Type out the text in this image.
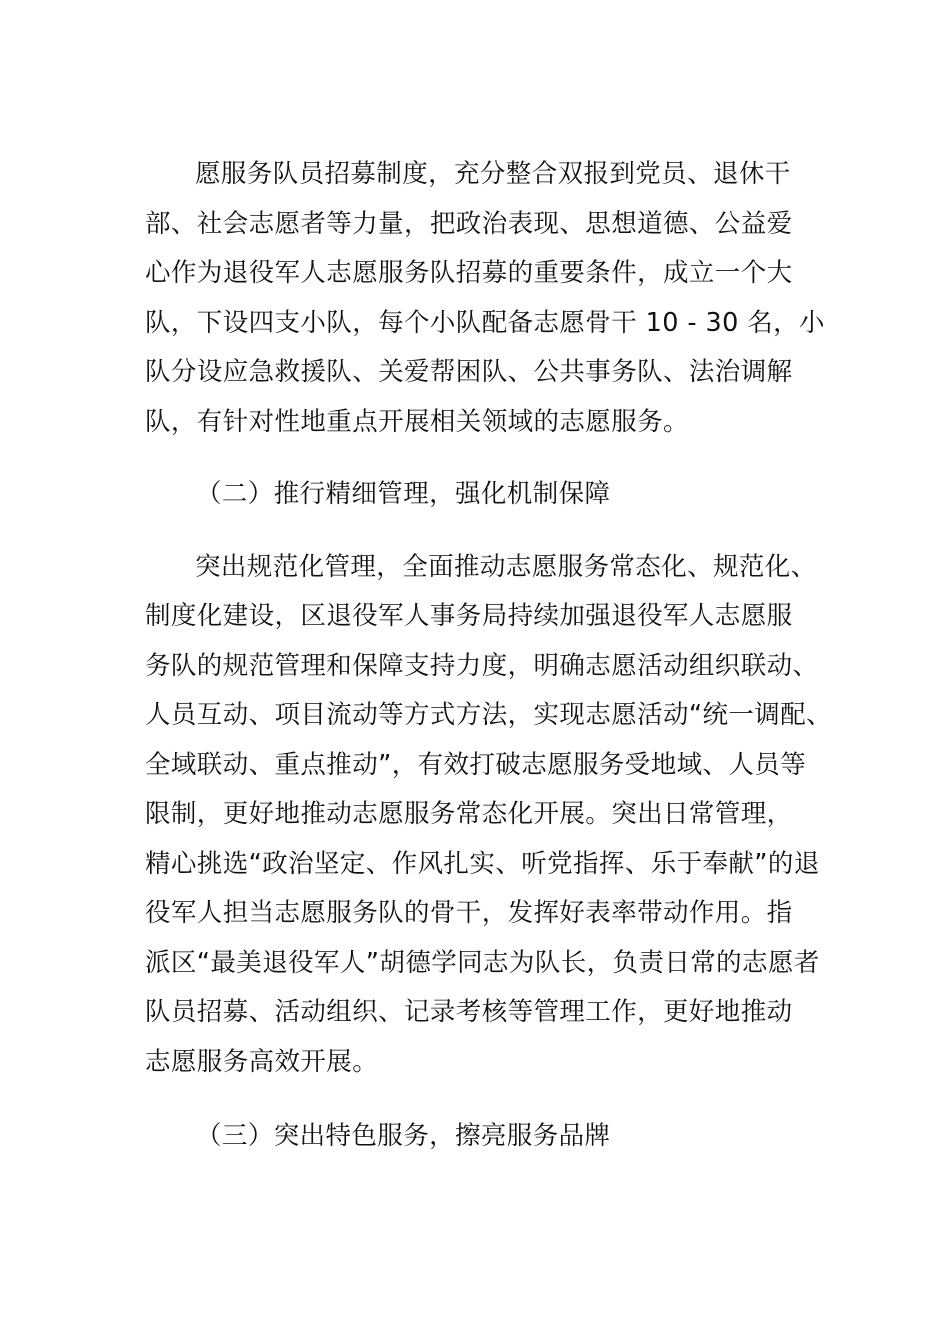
愿服务队员招募制度，充分整合双报到党员、退休干
部、社会志愿者等力量，把政治表现、思想道德、公益爱
心作为退役军人志愿服务队招募的重要条件，成立一个大
队，下设四支小队，每个小队配备志愿骨干 10 - 30 名，小
队分设应急救援队、关爱帮困队、公共事务队、法治调解
队，有针对性地重点开展相关领域的志愿服务。
（二）推行精细管理，强化机制保障
突出规范化管理，全面推动志愿服务常态化、规范化、
制度化建设，区退役军人事务局持续加强退役军人志愿服
务队的规范管理和保障支持力度，明确志愿活动组织联动、
人员互动、项目流动等方式方法，实现志愿活动“统一调配、
全域联动、重点推动”，有效打破志愿服务受地域、人员等
限制，更好地推动志愿服务常态化开展。突出日常管理，
精心挑选“政治坚定、作风扎实、听党指挥、乐于奉献”的退
役军人担当志愿服务队的骨干，发挥好表率带动作用。指
派区“最美退役军人”胡德学同志为队长，负责日常的志愿者
队员招募、活动组织、记录考核等管理工作，更好地推动
志愿服务高效开展。
（三）突出特色服务，擦亮服务品牌
